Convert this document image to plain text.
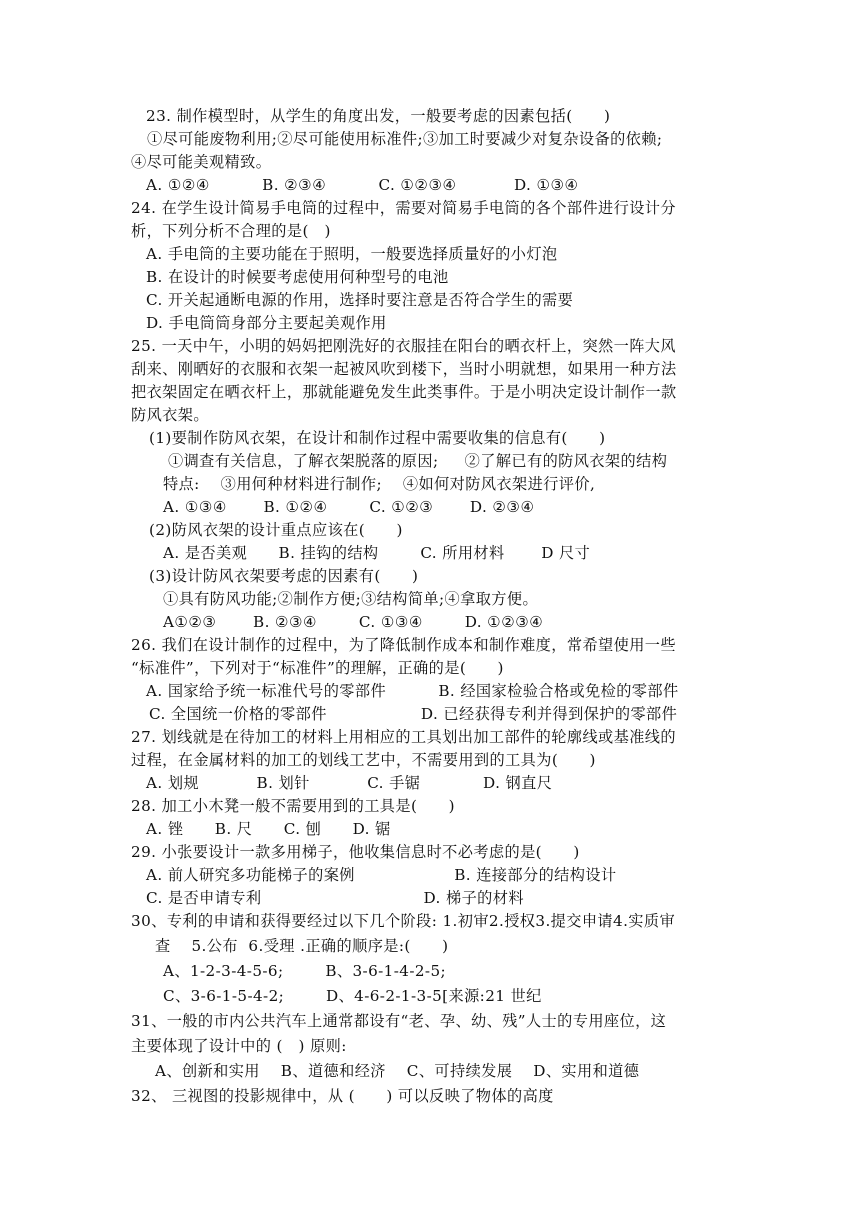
23. 制作模型时，从学生的角度出发，一般要考虑的因素包括(      )
①尽可能废物利用;②尽可能使用标准件;③加工时要减少对复杂设备的依赖;
④尽可能美观精致。
A. ①②④          B. ②③④          C. ①②③④           D. ①③④
24. 在学生设计简易手电筒的过程中，需要对简易手电筒的各个部件进行设计分
析，下列分析不合理的是(   )
A. 手电筒的主要功能在于照明，一般要选择质量好的小灯泡
B. 在设计的时候要考虑使用何种型号的电池
C. 开关起通断电源的作用，选择时要注意是否符合学生的需要
D. 手电筒筒身部分主要起美观作用
25. 一天中午，小明的妈妈把刚洗好的衣服挂在阳台的晒衣杆上，突然一阵大风
刮来、刚晒好的衣服和衣架一起被风吹到楼下，当时小明就想，如果用一种方法
把衣架固定在晒衣杆上，那就能避免发生此类事件。于是小明决定设计制作一款
防风衣架。
(1)要制作防风衣架，在设计和制作过程中需要收集的信息有(      )
①调查有关信息，了解衣架脱落的原因;     ②了解已有的防风衣架的结构
特点:    ③用何种材料进行制作;    ④如何对防风衣架进行评价,
A. ①③④       B. ①②④        C. ①②③       D. ②③④
(2)防风衣架的设计重点应该在(      )
A. 是否美观      B. 挂钩的结构        C. 所用材料       D 尺寸
(3)设计防风衣架要考虑的因素有(      )
①具有防风功能;②制作方便;③结构简单;④拿取方便。
A①②③       B. ②③④        C. ①③④        D. ①②③④
26. 我们在设计制作的过程中，为了降低制作成本和制作难度，常希望使用一些
“标准件”，下列对于“标准件”的理解，正确的是(      )
A. 国家给予统一标准代号的零部件          B. 经国家检验合格或免检的零部件
C. 全国统一价格的零部件                  D. 已经获得专利并得到保护的零部件
27. 划线就是在待加工的材料上用相应的工具划出加工部件的轮廓线或基准线的
过程，在金属材料的加工的划线工艺中，不需要用到的工具为(      )
A. 划规           B. 划针           C. 手锯            D. 钢直尺
28. 加工小木凳一般不需要用到的工具是(      )
A. 锉      B. 尺      C. 刨      D. 锯
29. 小张要设计一款多用梯子，他收集信息时不必考虑的是(      )
A. 前人研究多功能梯子的案例                   B. 连接部分的结构设计
C. 是否申请专利                               D. 梯子的材料
30、专利的申请和获得要经过以下几个阶段: 1.初审2.授权3.提交申请4.实质审
查    5.公布  6.受理 .正确的顺序是:(      )
A、1-2-3-4-5-6;        B、3-6-1-4-2-5;
C、3-6-1-5-4-2;        D、4-6-2-1-3-5[来源:21 世纪
31、一般的市内公共汽车上通常都设有“老、孕、幼、残”人士的专用座位，这
主要体现了设计中的 (   ) 原则:
A、创新和实用    B、道德和经济    C、可持续发展    D、实用和道德
32、 三视图的投影规律中，从 (      ) 可以反映了物体的高度
